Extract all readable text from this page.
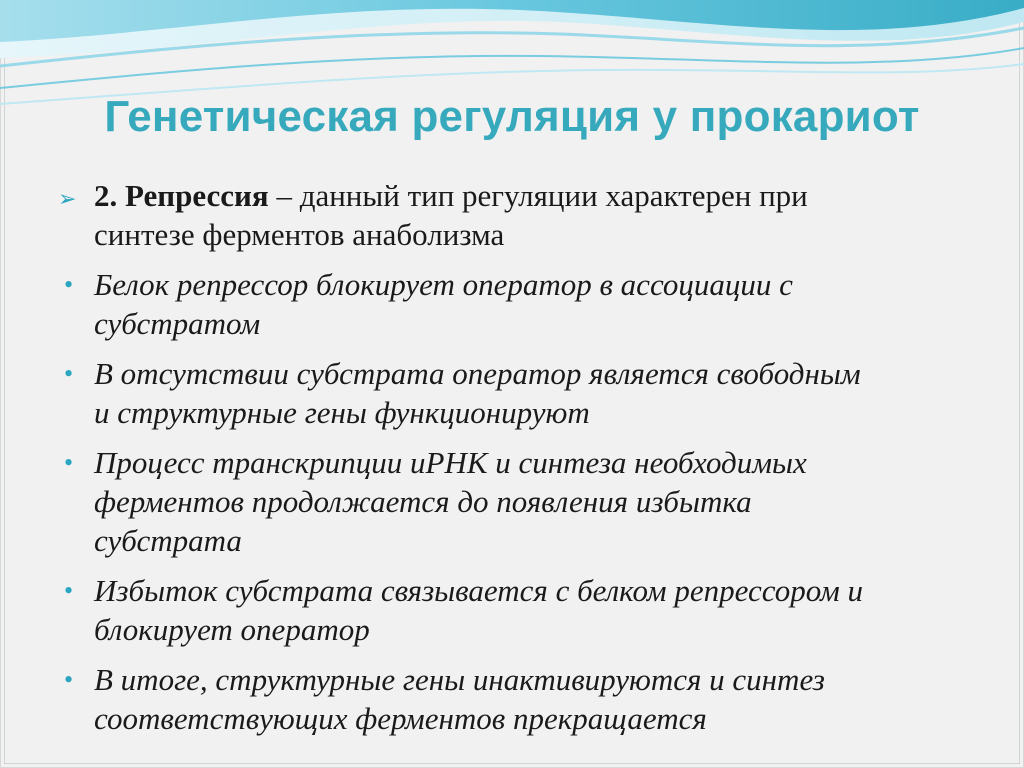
Генетическая регуляция у прокариот
➢ 2. Репрессия – данный тип регуляции характерен при
синтезе ферментов анаболизма
• Белок репрессор блокирует оператор в ассоциации с
субстратом
• В отсутствии субстрата оператор является свободным
и структурные гены функционируют
• Процесс транскрипции иРНК и синтеза необходимых
ферментов продолжается до появления избытка
субстрата
• Избыток субстрата связывается с белком репрессором и
блокирует оператор
• В итоге, структурные гены инактивируются и синтез
соответствующих ферментов прекращается
